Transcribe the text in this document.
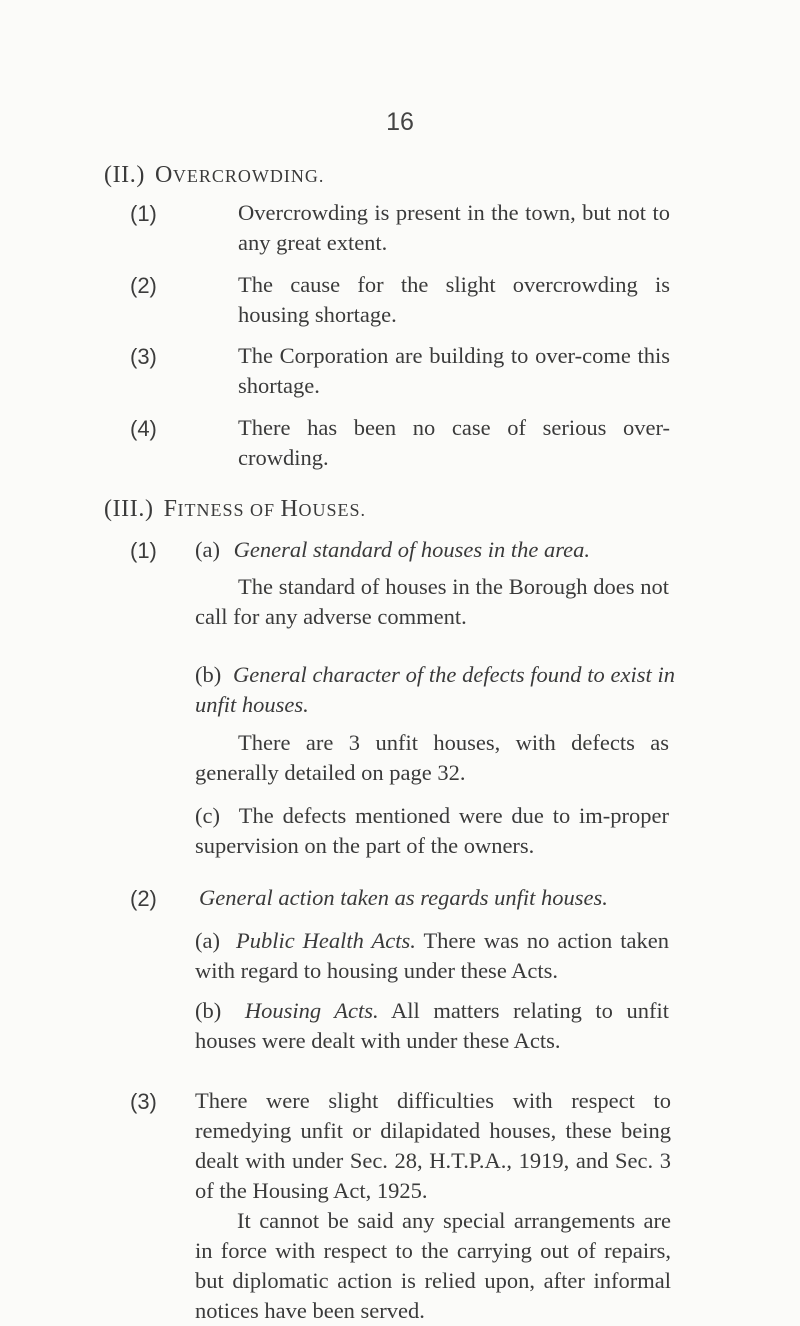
16
(II.) OVERCROWDING.
(1)	Overcrowding is present in the town, but not to any great extent.
(2)	The cause for the slight overcrowding is housing shortage.
(3)	The Corporation are building to over-come this shortage.
(4)	There has been no case of serious over-crowding.
(III.) FITNESS OF HOUSES.
(1) (a) General standard of houses in the area.
The standard of houses in the Borough does not call for any adverse comment.
(b) General character of the defects found to exist in unfit houses.
There are 3 unfit houses, with defects as generally detailed on page 32.
(c) The defects mentioned were due to im-proper supervision on the part of the owners.
(2) General action taken as regards unfit houses.
(a) Public Health Acts. There was no action taken with regard to housing under these Acts.
(b) Housing Acts. All matters relating to unfit houses were dealt with under these Acts.
(3) There were slight difficulties with respect to remedying unfit or dilapidated houses, these being dealt with under Sec. 28, H.T.P.A., 1919, and Sec. 3 of the Housing Act, 1925.
It cannot be said any special arrangements are in force with respect to the carrying out of repairs, but diplomatic action is relied upon, after informal notices have been served.
